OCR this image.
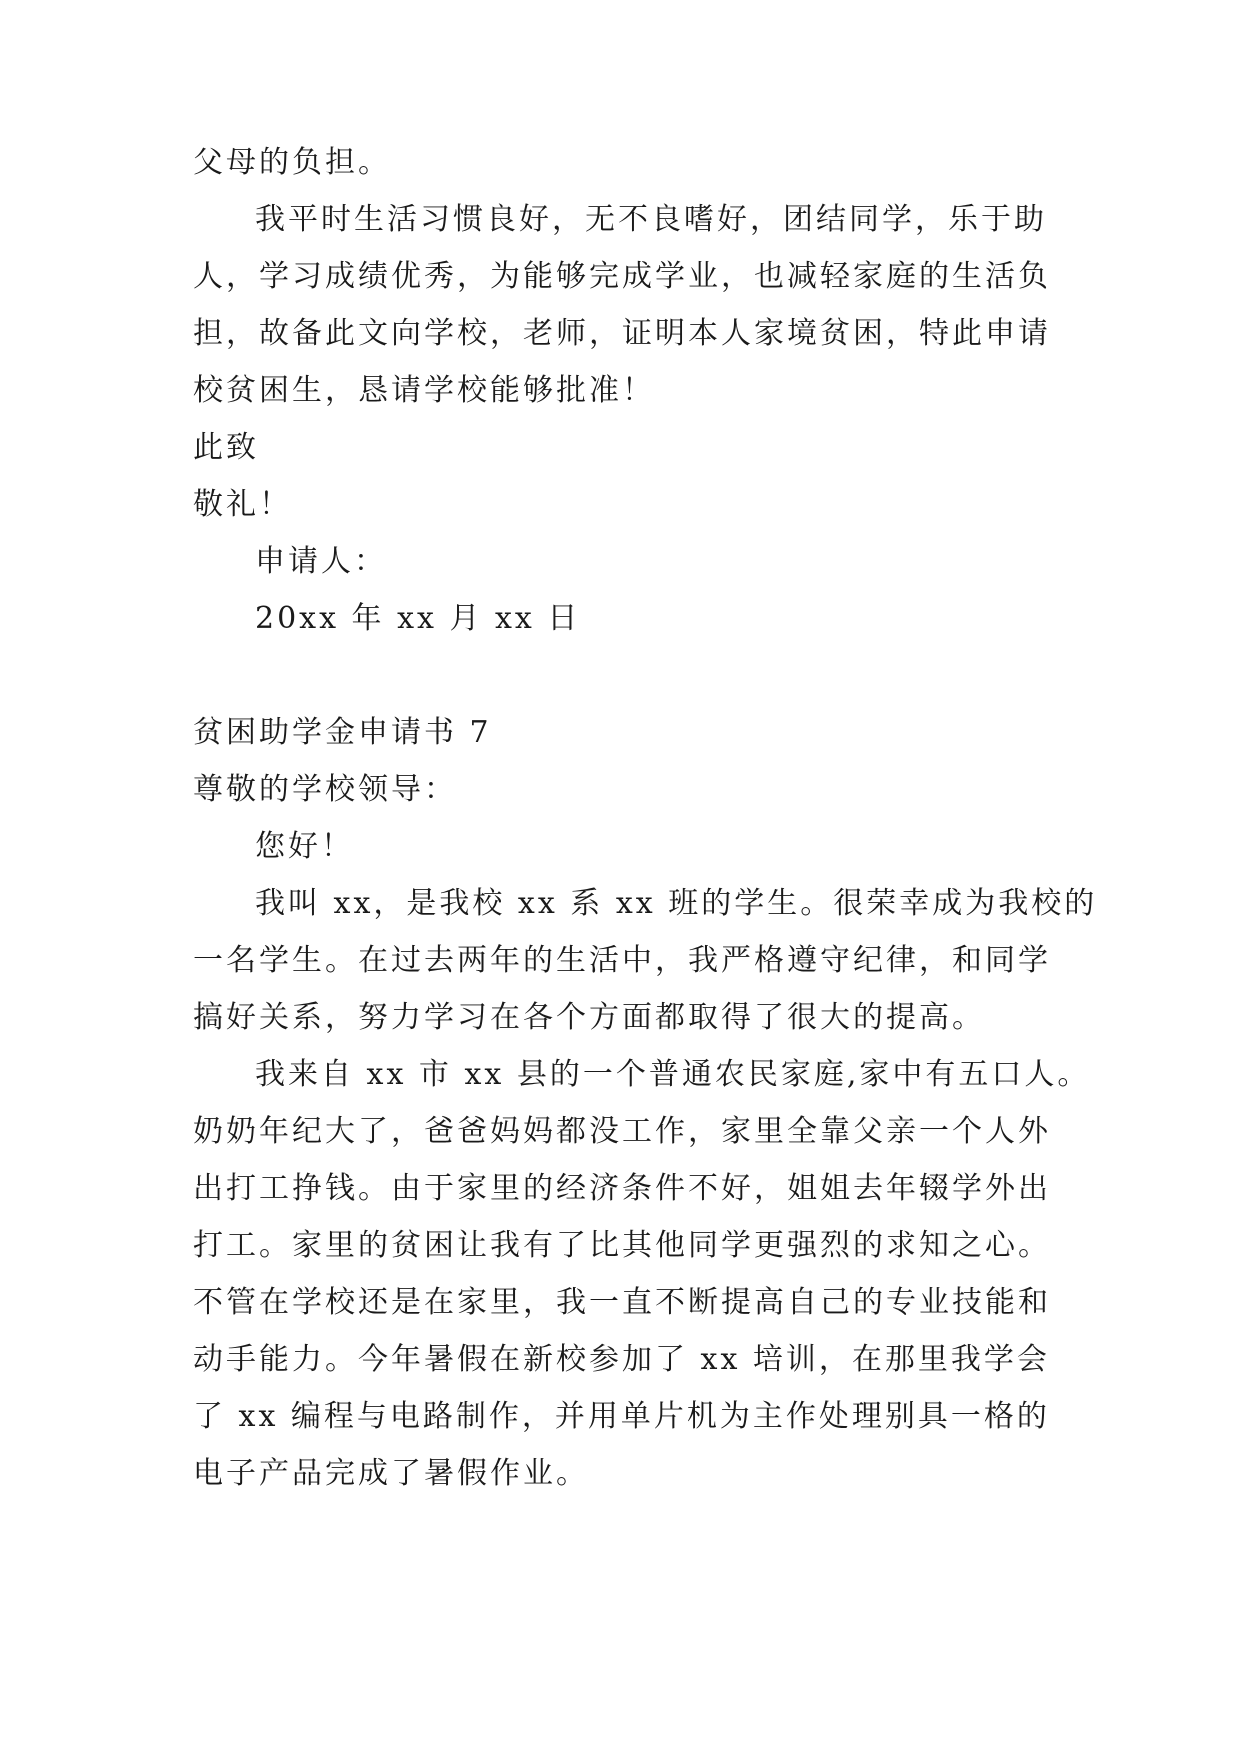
父母的负担。
我平时生活习惯良好，无不良嗜好，团结同学，乐于助
人，学习成绩优秀，为能够完成学业，也减轻家庭的生活负
担，故备此文向学校，老师，证明本人家境贫困，特此申请
校贫困生，恳请学校能够批准！
此致
敬礼！
申请人：
20xx 年 xx 月 xx 日
贫困助学金申请书 7
尊敬的学校领导：
您好！
我叫 xx，是我校 xx 系 xx 班的学生。很荣幸成为我校的
一名学生。在过去两年的生活中，我严格遵守纪律，和同学
搞好关系，努力学习在各个方面都取得了很大的提高。
我来自 xx 市 xx 县的一个普通农民家庭,家中有五口人。
奶奶年纪大了，爸爸妈妈都没工作，家里全靠父亲一个人外
出打工挣钱。由于家里的经济条件不好，姐姐去年辍学外出
打工。家里的贫困让我有了比其他同学更强烈的求知之心。
不管在学校还是在家里，我一直不断提高自己的专业技能和
动手能力。今年暑假在新校参加了 xx 培训，在那里我学会
了 xx 编程与电路制作，并用单片机为主作处理别具一格的
电子产品完成了暑假作业。
